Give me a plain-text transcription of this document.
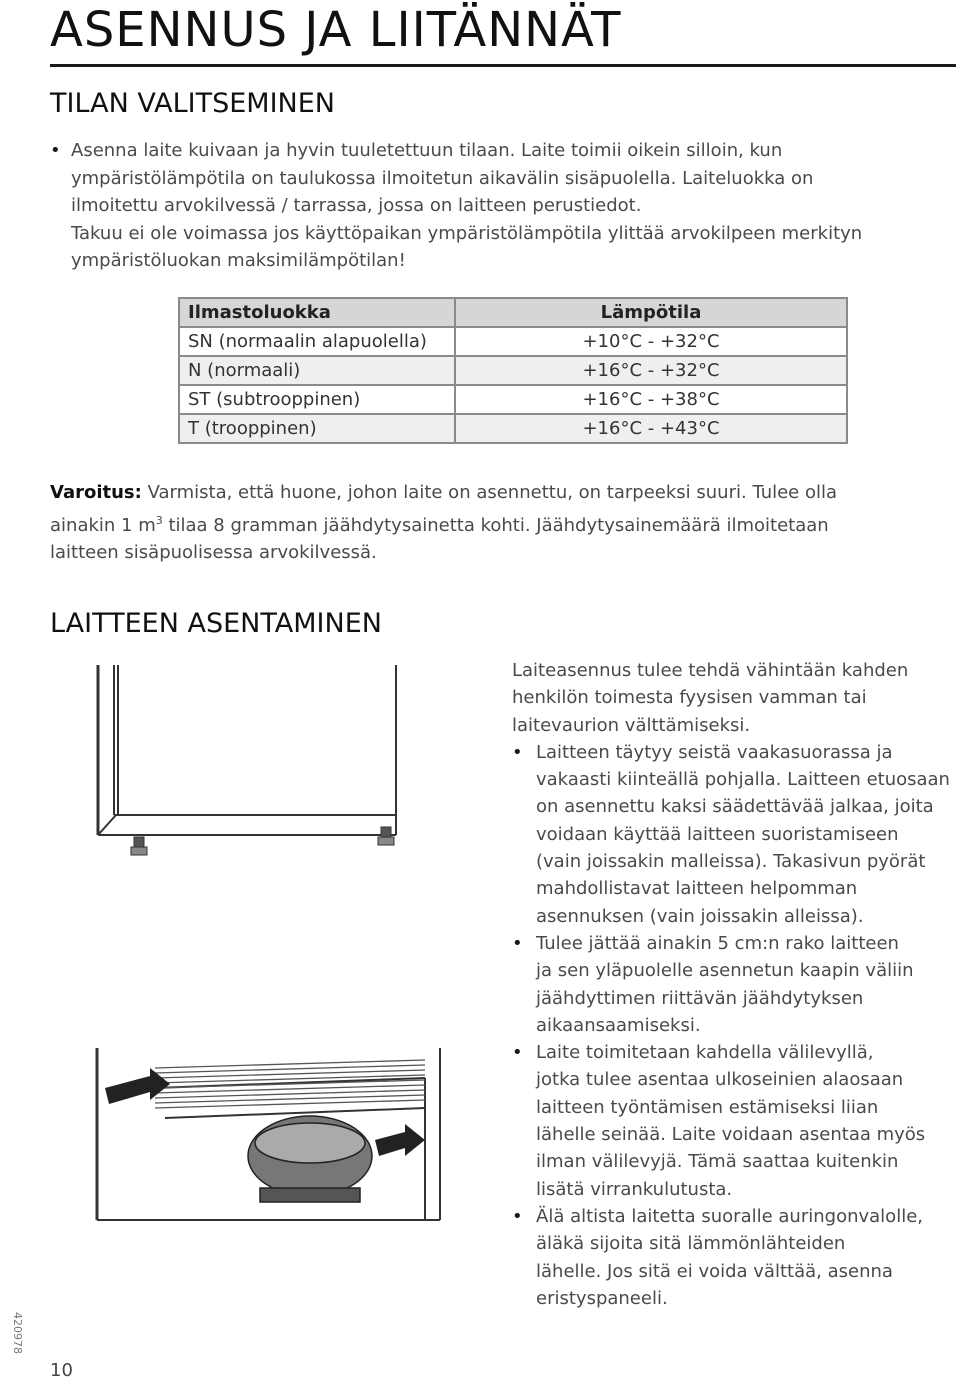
ASENNUS JA LIITÄNNÄT
TILAN VALITSEMINEN
• Asenna laite kuivaan ja hyvin tuuletettuun tilaan. Laite toimii oikein silloin, kun
ympäristölämpötila on taulukossa ilmoitetun aikavälin sisäpuolella. Laiteluokka on
ilmoitettu arvokilvessä / tarrassa, jossa on laitteen perustiedot.
Takuu ei ole voimassa jos käyttöpaikan ympäristölämpötila ylittää arvokilpeen merkityn
ympäristöluokan maksimilämpötilan!
Ilmastoluokka	Lämpötila
SN (normaalin alapuolella)	+10°C - +32°C
N (normaali)	+16°C - +32°C
ST (subtrooppinen)	+16°C - +38°C
T (trooppinen)	+16°C - +43°C
Varoitus: Varmista, että huone, johon laite on asennettu, on tarpeeksi suuri. Tulee olla
ainakin 1 $m^3$ tilaa 8 gramman jäähdytysainetta kohti. Jäähdytysainemäärä ilmoitetaan
laitteen sisäpuolisessa arvokilvessä.
LAITTEEN ASENTAMINEN
Laiteasennus tulee tehdä vähintään kahden
henkilön toimesta fyysisen vamman tai
laitevaurion välttämiseksi.
• Laitteen täytyy seistä vaakasuorassa ja
vakaasti kiinteällä pohjalla. Laitteen etuosaan
on asennettu kaksi säädettävää jalkaa, joita
voidaan käyttää laitteen suoristamiseen
(vain joissakin malleissa). Takasivun pyörät
mahdollistavat laitteen helpomman
asennuksen (vain joissakin alleissa).
• Tulee jättää ainakin 5 cm:n rako laitteen
ja sen yläpuolelle asennetun kaapin väliin
jäähdyttimen riittävän jäähdytyksen
aikaansaamiseksi.
• Laite toimitetaan kahdella välilevyllä,
jotka tulee asentaa ulkoseinien alaosaan
laitteen työntämisen estämiseksi liian
lähelle seinää. Laite voidaan asentaa myös
ilman välilevyjä. Tämä saattaa kuitenkin
lisätä virrankulutusta.
• Älä altista laitetta suoralle auringonvalolle,
äläkä sijoita sitä lämmönlähteiden
lähelle. Jos sitä ei voida välttää, asenna
eristyspaneeli.
420978
10
